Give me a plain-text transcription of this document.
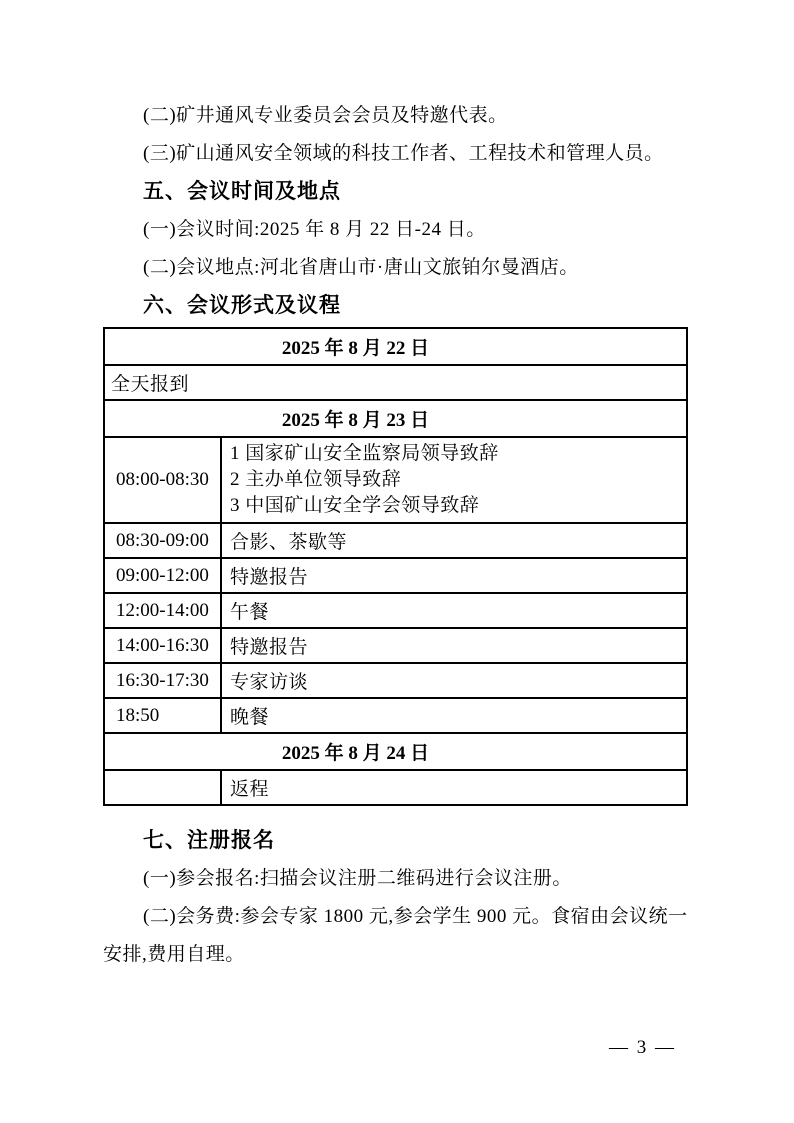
(二)矿井通风专业委员会会员及特邀代表。

(三)矿山通风安全领域的科技工作者、工程技术和管理人员。

五、会议时间及地点

(一)会议时间:2025 年 8 月 22 日-24 日。

(二)会议地点:河北省唐山市·唐山文旅铂尔曼酒店。

六、会议形式及议程
2025 年 8 月 22 日	
全天报到	
2025 年 8 月 23 日	
08:00-08:30	1 国家矿山安全监察局领导致辞
2 主办单位领导致辞
3 中国矿山安全学会领导致辞

08:30-09:00	合影、茶歇等
09:00-12:00	特邀报告
12:00-14:00	午餐
14:00-16:30	特邀报告
16:30-17:30	专家访谈
18:50	晚餐
2025 年 8 月 24 日	
	返程
七、注册报名

(一)参会报名:扫描会议注册二维码进行会议注册。

(二)会务费:参会专家 1800 元,参会学生 900 元。食宿由会议统一安排,费用自理。

— 3 —
